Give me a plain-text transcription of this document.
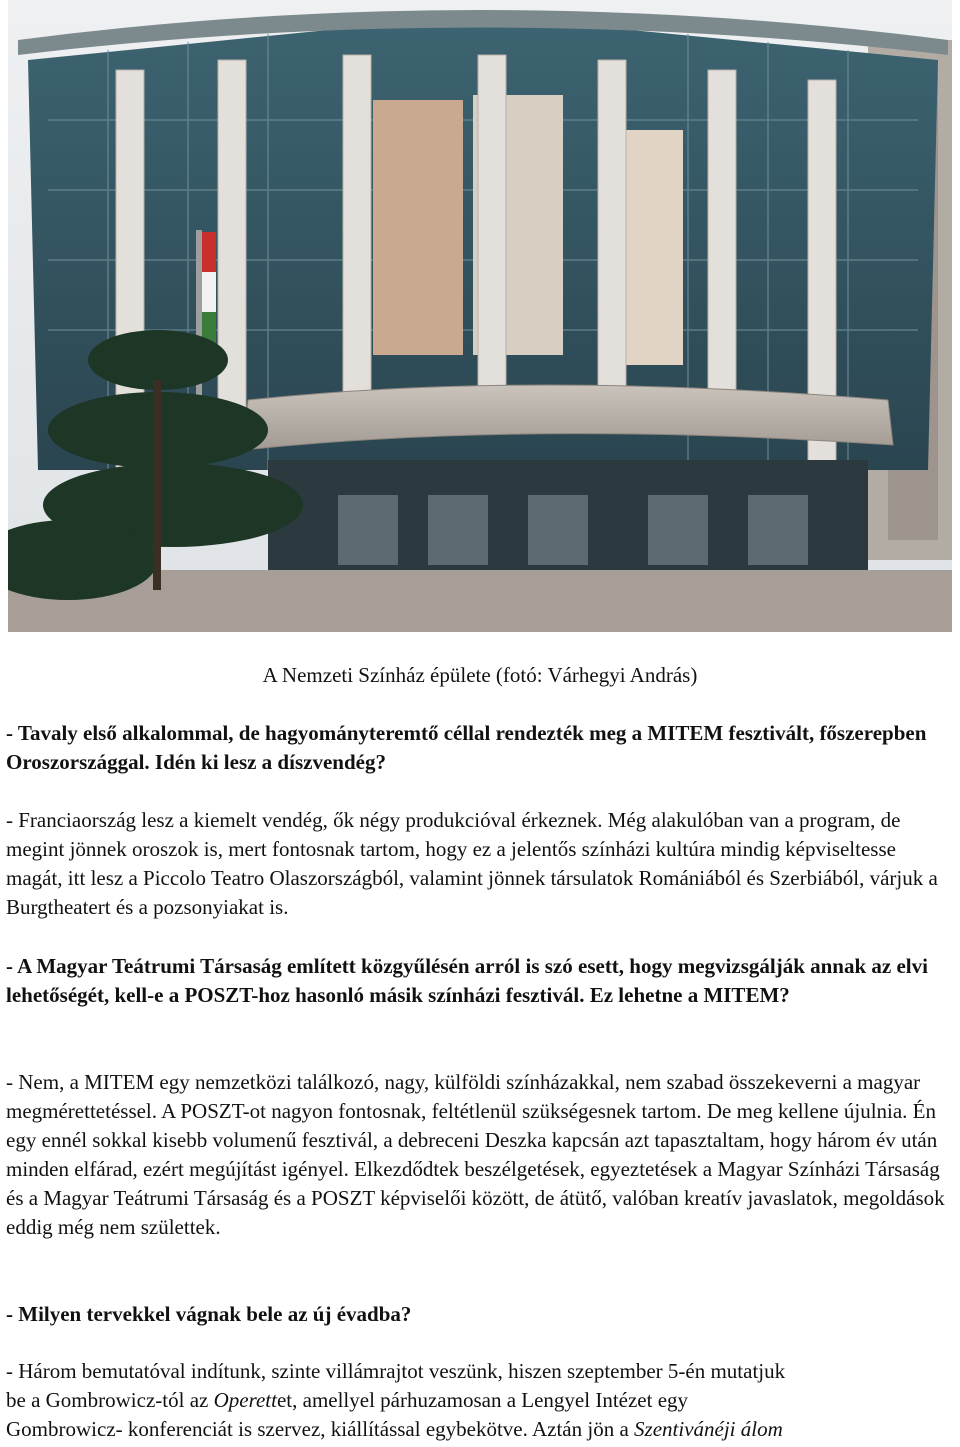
A Nemzeti Színház épülete (fotó: Várhegyi András)

- Tavaly első alkalommal, de hagyományteremtő céllal rendezték meg a MITEM fesztivált, főszerepben Oroszországgal. Idén ki lesz a díszvendég?

- Franciaország lesz a kiemelt vendég, ők négy produkcióval érkeznek. Még alakulóban van a program, de megint jönnek oroszok is, mert fontosnak tartom, hogy ez a jelentős színházi kultúra mindig képviseltesse magát, itt lesz a Piccolo Teatro Olaszországból, valamint jönnek társulatok Romániából és Szerbiából, várjuk a Burgtheatert és a pozsonyiakat is.

- A Magyar Teátrumi Társaság említett közgyűlésén arról is szó esett, hogy megvizsgálják annak az elvi lehetőségét, kell-e a POSZT-hoz hasonló másik színházi fesztivál. Ez lehetne a MITEM?

- Nem, a MITEM egy nemzetközi találkozó, nagy, külföldi színházakkal, nem szabad összekeverni a magyar megmérettetéssel. A POSZT-ot nagyon fontosnak, feltétlenül szükségesnek tartom. De meg kellene újulnia. Én egy ennél sokkal kisebb volumenű fesztivál, a debreceni Deszka kapcsán azt tapasztaltam, hogy három év után minden elfárad, ezért megújítást igényel. Elkezdődtek beszélgetések, egyeztetések a Magyar Színházi Társaság és a Magyar Teátrumi Társaság és a POSZT képviselői között, de átütő, valóban kreatív javaslatok, megoldások eddig még nem születtek.

- Milyen tervekkel vágnak bele az új évadba?

- Három bemutatóval indítunk, szinte villámrajtot veszünk, hiszen szeptember 5-én mutatjuk

be a Gombrowicz-tól az Operettet, amellyel párhuzamosan a Lengyel Intézet egy

Gombrowicz- konferenciát is szervez, kiállítással egybekötve. Aztán jön a Szentivánéji álom
